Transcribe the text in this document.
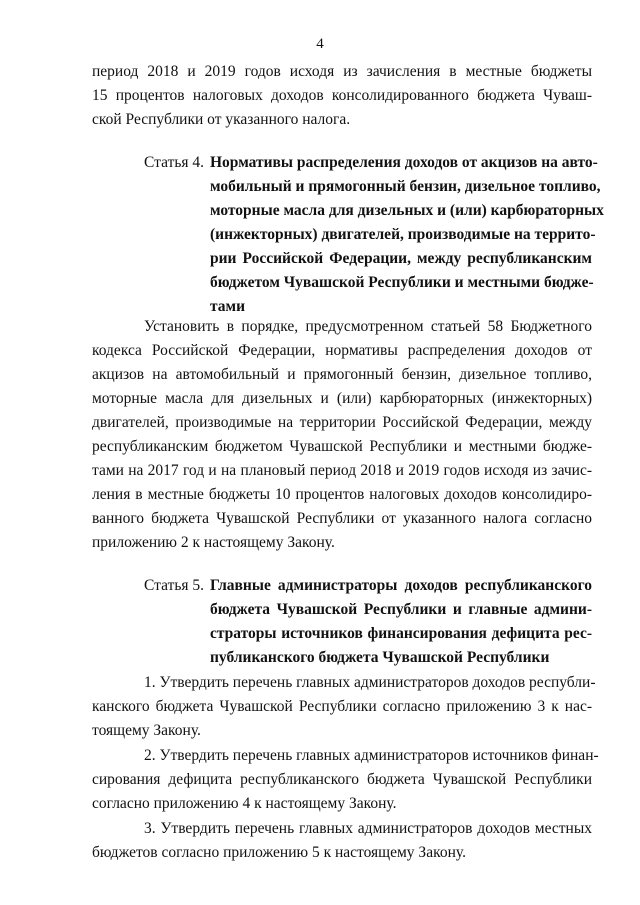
4
период 2018 и 2019 годов исходя из зачисления в местные бюджеты
15 процентов налоговых доходов консолидированного бюджета Чуваш-
ской Республики от указанного налога.
Статья 4. Нормативы распределения доходов от акцизов на авто-
мобильный и прямогонный бензин, дизельное топливо,
моторные масла для дизельных и (или) карбюраторных
(инжекторных) двигателей, производимые на террито-
рии Российской Федерации, между республиканским
бюджетом Чувашской Республики и местными бюдже-
тами
Установить в порядке, предусмотренном статьей 58 Бюджетного
кодекса Российской Федерации, нормативы распределения доходов от
акцизов на автомобильный и прямогонный бензин, дизельное топливо,
моторные масла для дизельных и (или) карбюраторных (инжекторных)
двигателей, производимые на территории Российской Федерации, между
республиканским бюджетом Чувашской Республики и местными бюдже-
тами на 2017 год и на плановый период 2018 и 2019 годов исходя из зачис-
ления в местные бюджеты 10 процентов налоговых доходов консолидиро-
ванного бюджета Чувашской Республики от указанного налога согласно
приложению 2 к настоящему Закону.
Статья 5. Главные администраторы доходов республиканского
бюджета Чувашской Республики и главные админи-
страторы источников финансирования дефицита рес-
публиканского бюджета Чувашской Республики
1. Утвердить перечень главных администраторов доходов республи-
канского бюджета Чувашской Республики согласно приложению 3 к нас-
тоящему Закону.
2. Утвердить перечень главных администраторов источников финан-
сирования дефицита республиканского бюджета Чувашской Республики
согласно приложению 4 к настоящему Закону.
3. Утвердить перечень главных администраторов доходов местных
бюджетов согласно приложению 5 к настоящему Закону.
